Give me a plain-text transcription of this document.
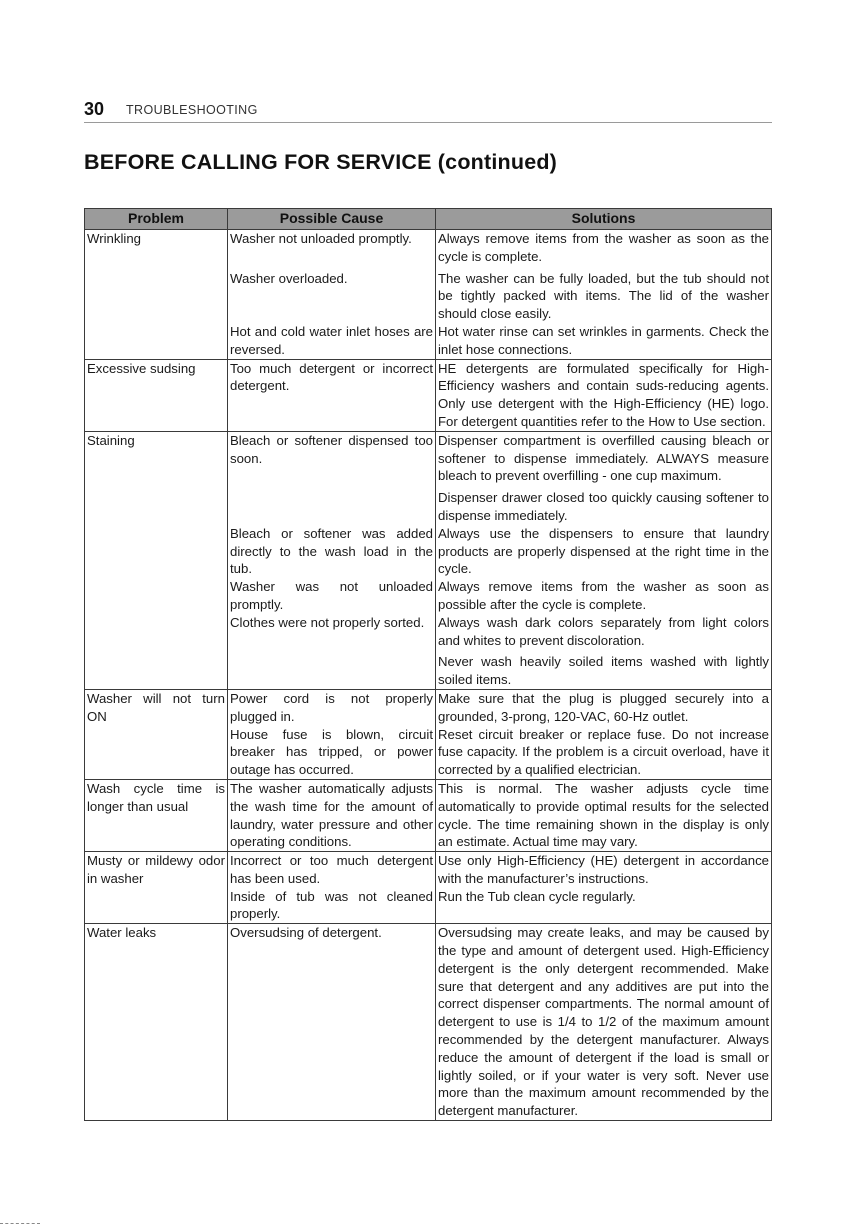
30 TROUBLESHOOTING
BEFORE CALLING FOR SERVICE (continued)
Problem	Possible Cause	Solutions
Wrinkling	Washer not unloaded promptly.	Always remove items from the washer as soon as the cycle is complete.
	Washer overloaded.	The washer can be fully loaded, but the tub should not be tightly packed with items. The lid of the washer should close easily.
	Hot and cold water inlet hoses are reversed.	Hot water rinse can set wrinkles in garments. Check the inlet hose connections.
Excessive sudsing	Too much detergent or incorrect detergent.	HE detergents are formulated specifically for High-Efficiency washers and contain suds-reducing agents. Only use detergent with the High-Efficiency (HE) logo. For detergent quantities refer to the How to Use section.
Staining	Bleach or softener dispensed too soon.	Dispenser compartment is overfilled causing bleach or softener to dispense immediately. ALWAYS measure bleach to prevent overfilling - one cup maximum.
		Dispenser drawer closed too quickly causing softener to dispense immediately.
	Bleach or softener was added directly to the wash load in the tub.	Always use the dispensers to ensure that laundry products are properly dispensed at the right time in the cycle.
	Washer was not unloaded promptly.	Always remove items from the washer as soon as possible after the cycle is complete.
	Clothes were not properly sorted.	Always wash dark colors separately from light colors and whites to prevent discoloration.
		Never wash heavily soiled items washed with lightly soiled items.
Washer will not turn ON	Power cord is not properly plugged in.	Make sure that the plug is plugged securely into a grounded, 3-prong, 120-VAC, 60-Hz outlet.
	House fuse is blown, circuit breaker has tripped, or power outage has occurred.	Reset circuit breaker or replace fuse. Do not increase fuse capacity. If the problem is a circuit overload, have it corrected by a qualified electrician.
Wash cycle time is longer than usual	The washer automatically adjusts the wash time for the amount of laundry, water pressure and other operating conditions.	This is normal. The washer adjusts cycle time automatically to provide optimal results for the selected cycle. The time remaining shown in the display is only an estimate. Actual time may vary.
Musty or mildewy odor in washer	Incorrect or too much detergent has been used.	Use only High-Efficiency (HE) detergent in accordance with the manufacturer’s instructions.
	Inside of tub was not cleaned properly.	Run the Tub clean cycle regularly.
Water leaks	Oversudsing of detergent.	Oversudsing may create leaks, and may be caused by the type and amount of detergent used. High-Efficiency detergent is the only detergent recommended. Make sure that detergent and any additives are put into the correct dispenser compartments. The normal amount of detergent to use is 1/4 to 1/2 of the maximum amount recommended by the detergent manufacturer. Always reduce the amount of detergent if the load is small or lightly soiled, or if your water is very soft. Never use more than the maximum amount recommended by the detergent manufacturer.
